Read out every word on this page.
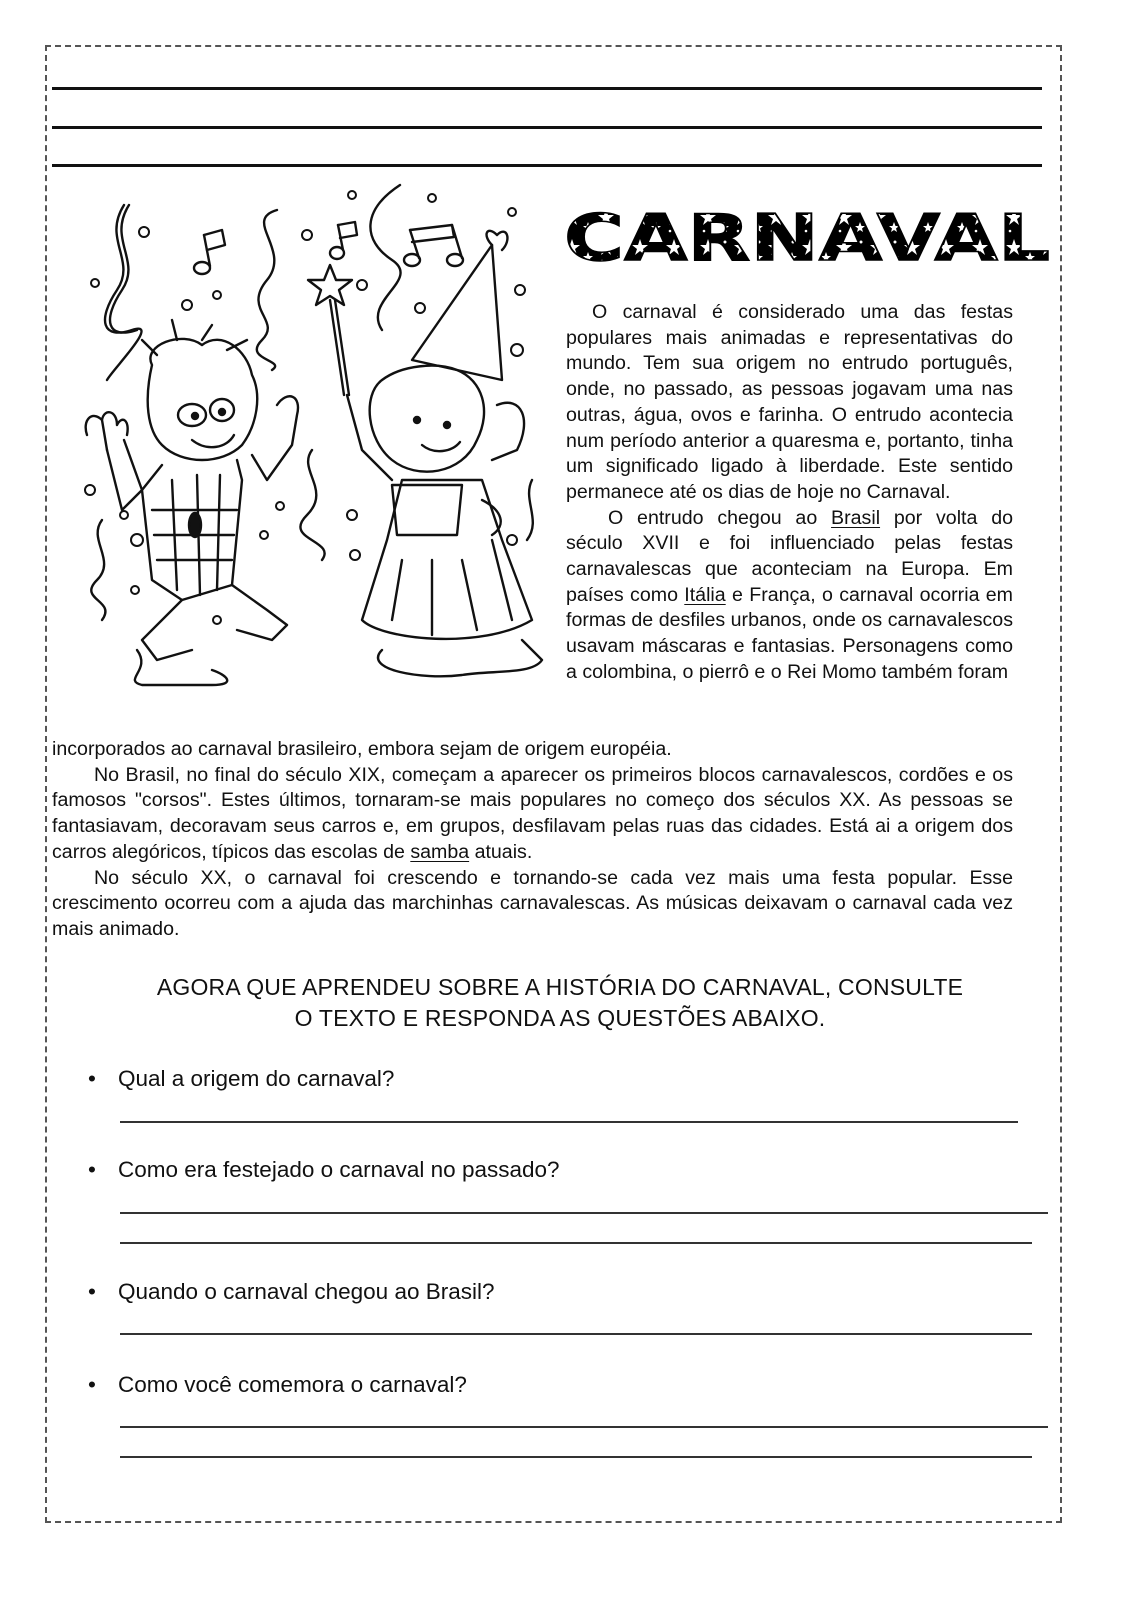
CARNAVAL

O carnaval é considerado uma das festas populares mais animadas e representativas do mundo. Tem sua origem no entrudo português, onde, no passado, as pessoas jogavam uma nas outras, água, ovos e farinha. O entrudo acontecia num período anterior a quaresma e, portanto, tinha um significado ligado à liberdade. Este sentido permanece até os dias de hoje no Carnaval.

O entrudo chegou ao Brasil por volta do século XVII e foi influenciado pelas festas carnavalescas que aconteciam na Europa. Em países como Itália e França, o carnaval ocorria em formas de desfiles urbanos, onde os carnavalescos usavam máscaras e fantasias. Personagens como a colombina, o pierrô e o Rei Momo também foram

incorporados ao carnaval brasileiro, embora sejam de origem européia.

No Brasil, no final do século XIX, começam a aparecer os primeiros blocos carnavalescos, cordões e os famosos "corsos". Estes últimos, tornaram-se mais populares no começo dos séculos XX. As pessoas se fantasiavam, decoravam seus carros e, em grupos, desfilavam pelas ruas das cidades. Está ai a origem dos carros alegóricos, típicos das escolas de samba atuais.

No século XX, o carnaval foi crescendo e tornando-se cada vez mais uma festa popular. Esse crescimento ocorreu com a ajuda das marchinhas carnavalescas. As músicas deixavam o carnaval cada vez mais animado.

AGORA QUE APRENDEU SOBRE A HISTÓRIA DO CARNAVAL, CONSULTE
O TEXTO E RESPONDA AS QUESTÕES ABAIXO.
• Qual a origem do carnaval?
• Como era festejado o carnaval no passado?
• Quando o carnaval chegou ao Brasil?
• Como você comemora o carnaval?
